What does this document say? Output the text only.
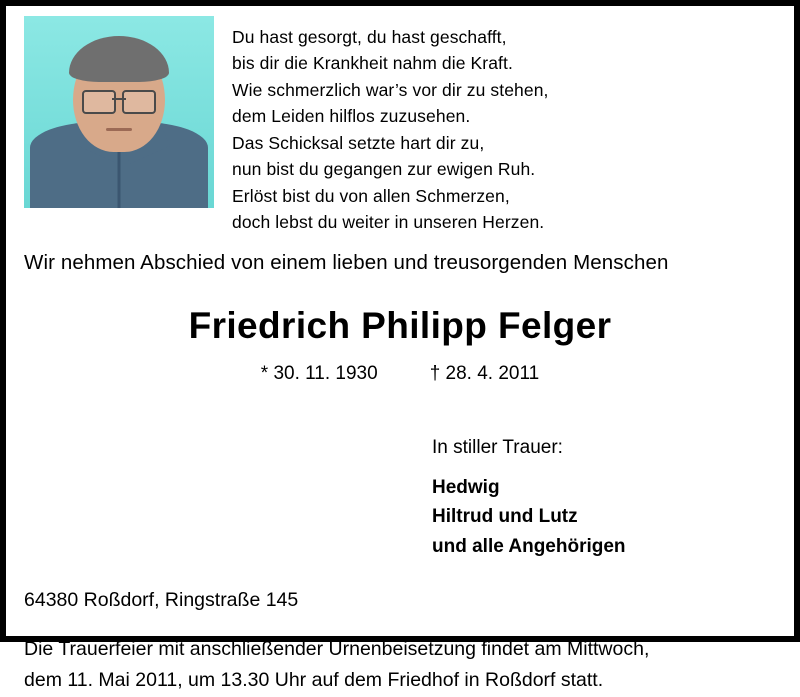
Du hast gesorgt, du hast geschafft,
bis dir die Krankheit nahm die Kraft.
Wie schmerzlich war’s vor dir zu stehen,
dem Leiden hilflos zuzusehen.
Das Schicksal setzte hart dir zu,
nun bist du gegangen zur ewigen Ruh.
Erlöst bist du von allen Schmerzen,
doch lebst du weiter in unseren Herzen.
Wir nehmen Abschied von einem lieben und treusorgenden Menschen
Friedrich Philipp Felger
* 30. 11. 1930	† 28. 4. 2011
In stiller Trauer:
Hedwig
Hiltrud und Lutz
und alle Angehörigen
64380 Roßdorf, Ringstraße 145
Die Trauerfeier mit anschließender Urnenbeisetzung findet am Mittwoch,
dem 11. Mai 2011, um 13.30 Uhr auf dem Friedhof in Roßdorf statt.
